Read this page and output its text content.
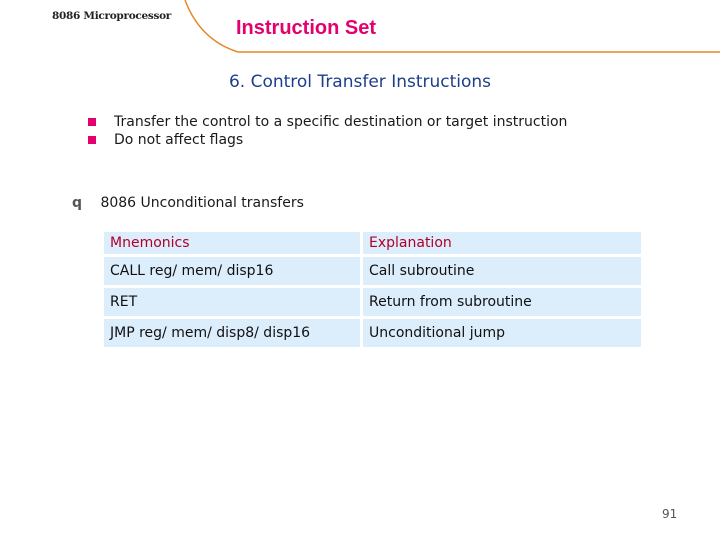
8086 Microprocessor
Instruction Set
6. Control Transfer Instructions
Transfer the control to a specific destination or target instruction
Do not affect flags
q 8086 Unconditional transfers
Mnemonics	Explanation
CALL reg/ mem/ disp16	Call subroutine
RET	Return from subroutine
JMP reg/ mem/ disp8/ disp16	Unconditional jump
91
